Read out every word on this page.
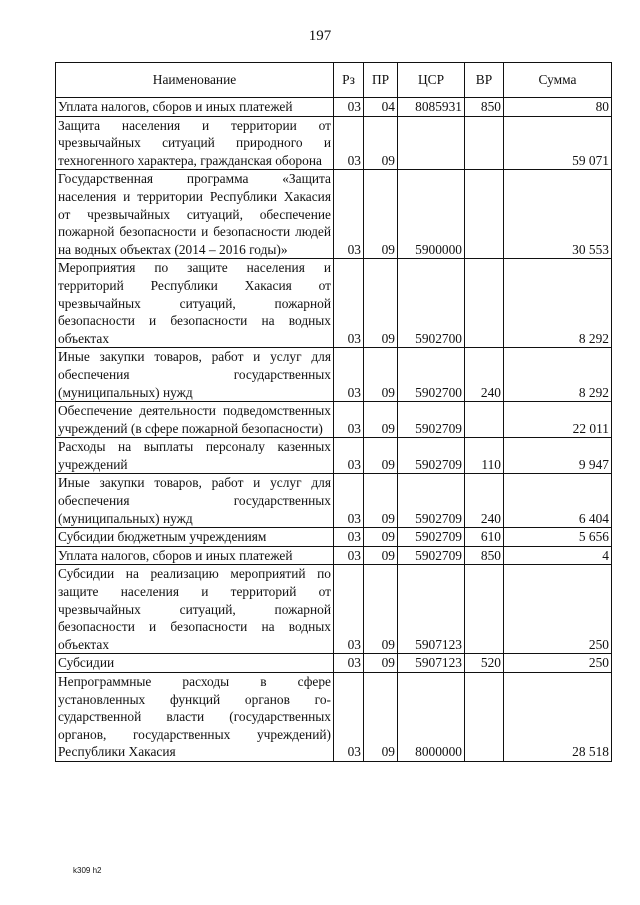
197
Наименование	Рз	ПР	ЦСР	ВР	Сумма
Уплата налогов, сборов и иных платежей	03	04	8085931	850	80
Защита населения и территории от чрезвычайных ситуаций природного и техногенного характера, гражданская оборона	03	09			59 071
Государственная программа «Защита населения и территории Республики Хакасия от чрезвычайных ситуаций, обеспечение пожарной безопасности и безопасности людей на водных объектах (2014 – 2016 годы)»	03	09	5900000		30 553
Мероприятия по защите населения и территорий Республики Хакасия от чрезвычайных ситуаций, пожарной безопасности и безопасности на водных объектах	03	09	5902700		8 292
Иные закупки товаров, работ и услуг для обеспечения государственных (муниципальных) нужд	03	09	5902700	240	8 292
Обеспечение деятельности подведомственных учреждений (в сфере пожарной безопасности)	03	09	5902709		22 011
Расходы на выплаты персоналу казенных учреждений	03	09	5902709	110	9 947
Иные закупки товаров, работ и услуг для обеспечения государственных (муниципальных) нужд	03	09	5902709	240	6 404
Субсидии бюджетным учреждениям	03	09	5902709	610	5 656
Уплата налогов, сборов и иных платежей	03	09	5902709	850	4
Субсидии на реализацию мероприятий по защите населения и территорий от чрезвычайных ситуаций, пожарной безопасности и безопасности на водных объектах	03	09	5907123		250
Субсидии	03	09	5907123	520	250
Непрограммные расходы в сфере установленных функций органов государственной власти (государственных органов, государственных учреждений) Республики Хакасия	03	09	8000000		28 518
k309 h2
